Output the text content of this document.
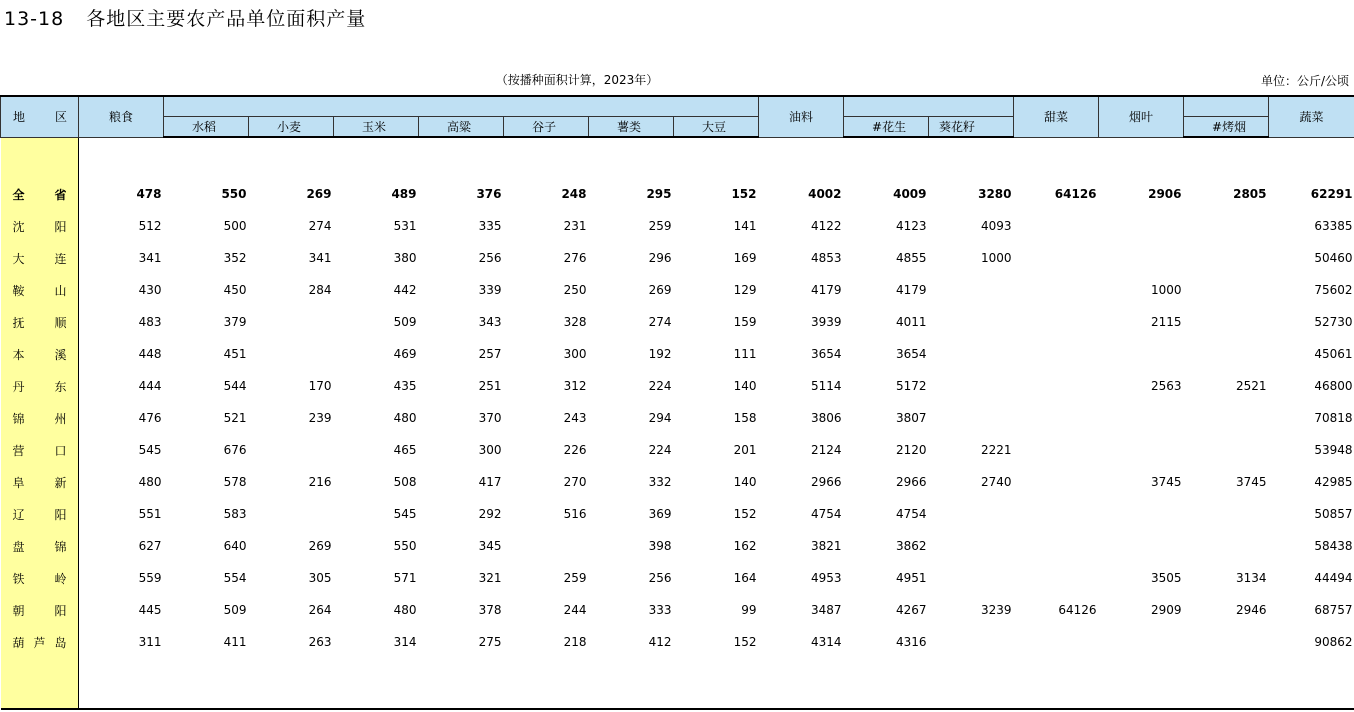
13-18 各地区主要农产品单位面积产量
（按播种面积计算，2023年）	单位：公斤/公顷
地 区	粮食								油料			甜菜	烟叶		蔬菜
		水稻	小麦	玉米	高粱	谷子	薯类	大豆		#花生	葵花籽			#烤烟	

全 省	478	550	269	489	376	248	295	152	4002	4009	3280	64126	2906	2805	62291
沈 阳	512	500	274	531	335	231	259	141	4122	4123	4093				63385
大 连	341	352	341	380	256	276	296	169	4853	4855	1000				50460
鞍 山	430	450	284	442	339	250	269	129	4179	4179			1000		75602
抚 顺	483	379		509	343	328	274	159	3939	4011			2115		52730
本 溪	448	451		469	257	300	192	111	3654	3654					45061
丹 东	444	544	170	435	251	312	224	140	5114	5172			2563	2521	46800
锦 州	476	521	239	480	370	243	294	158	3806	3807					70818
营 口	545	676		465	300	226	224	201	2124	2120	2221				53948
阜 新	480	578	216	508	417	270	332	140	2966	2966	2740		3745	3745	42985
辽 阳	551	583		545	292	516	369	152	4754	4754					50857
盘 锦	627	640	269	550	345		398	162	3821	3862					58438
铁 岭	559	554	305	571	321	259	256	164	4953	4951			3505	3134	44494
朝 阳	445	509	264	480	378	244	333	99	3487	4267	3239	64126	2909	2946	68757
葫 芦 岛	311	411	263	314	275	218	412	152	4314	4316					90862
